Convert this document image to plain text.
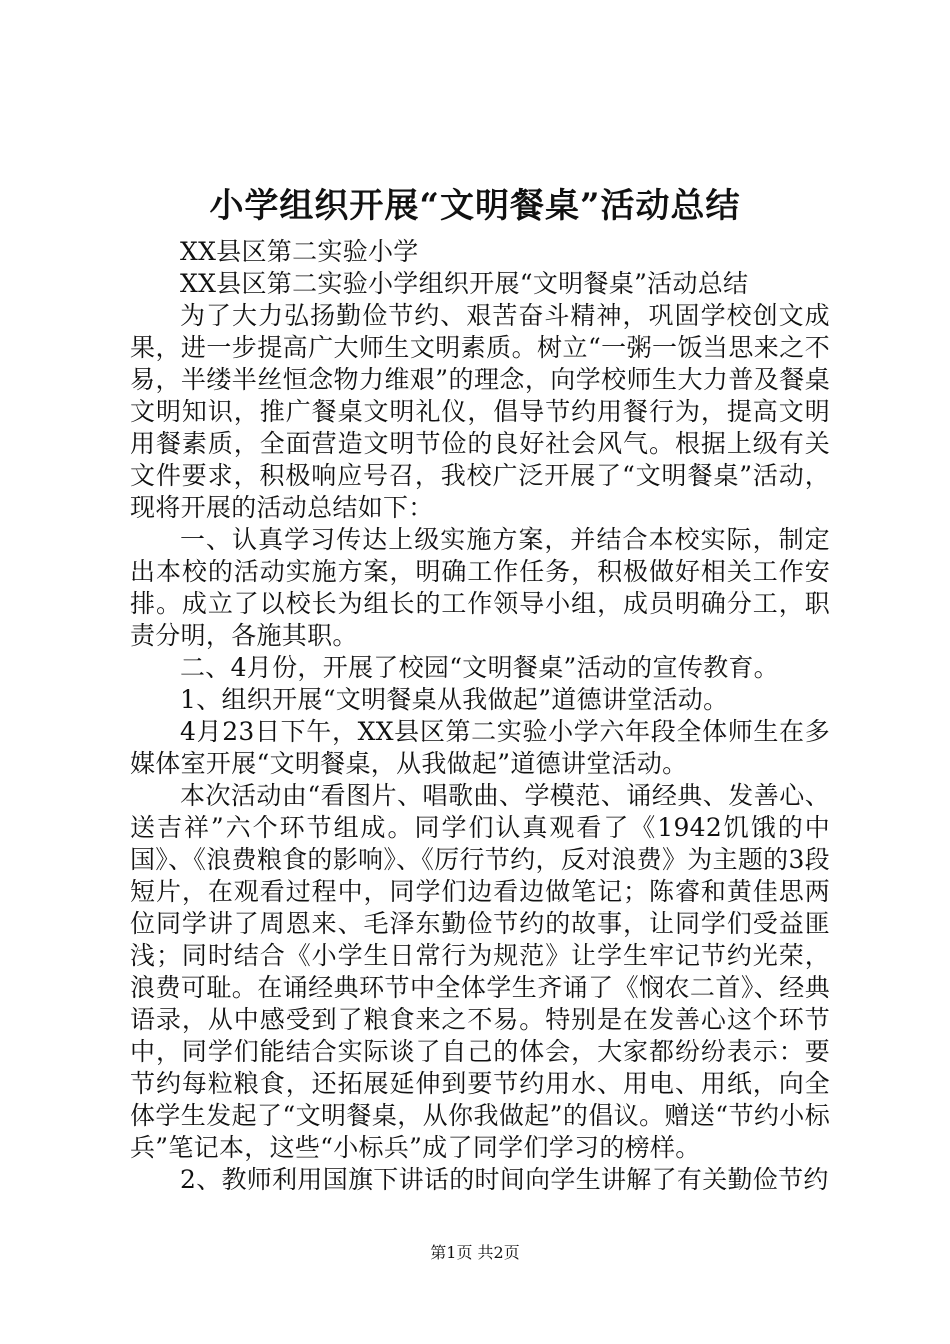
小学组织开展“文明餐桌”活动总结

XX县区第二实验小学

XX县区第二实验小学组织开展“文明餐桌”活动总结

为了大力弘扬勤俭节约、艰苦奋斗精神，巩固学校创文成果，进一步提高广大师生文明素质。树立“一粥一饭当思来之不易，半缕半丝恒念物力维艰”的理念，向学校师生大力普及餐桌文明知识，推广餐桌文明礼仪，倡导节约用餐行为，提高文明用餐素质，全面营造文明节俭的良好社会风气。根据上级有关文件要求，积极响应号召，我校广泛开展了“文明餐桌”活动，现将开展的活动总结如下：

一、认真学习传达上级实施方案，并结合本校实际，制定出本校的活动实施方案，明确工作任务，积极做好相关工作安排。成立了以校长为组长的工作领导小组，成员明确分工，职责分明，各施其职。

二、4月份，开展了校园“文明餐桌”活动的宣传教育。

1、组织开展“文明餐桌从我做起”道德讲堂活动。

4月23日下午，XX县区第二实验小学六年段全体师生在多媒体室开展“文明餐桌，从我做起”道德讲堂活动。

本次活动由“看图片、唱歌曲、学模范、诵经典、发善心、送吉祥”六个环节组成。同学们认真观看了《1942饥饿的中国》、《浪费粮食的影响》、《厉行节约，反对浪费》为主题的3段短片，在观看过程中，同学们边看边做笔记；陈睿和黄佳思两位同学讲了周恩来、毛泽东勤俭节约的故事，让同学们受益匪浅；同时结合《小学生日常行为规范》让学生牢记节约光荣，浪费可耻。在诵经典环节中全体学生齐诵了《悯农二首》、经典语录，从中感受到了粮食来之不易。特别是在发善心这个环节中，同学们能结合实际谈了自己的体会，大家都纷纷表示：要节约每粒粮食，还拓展延伸到要节约用水、用电、用纸，向全体学生发起了“文明餐桌，从你我做起”的倡议。赠送“节约小标兵”笔记本，这些“小标兵”成了同学们学习的榜样。

2、教师利用国旗下讲话的时间向学生讲解了有关勤俭节约

第1页 共2页
